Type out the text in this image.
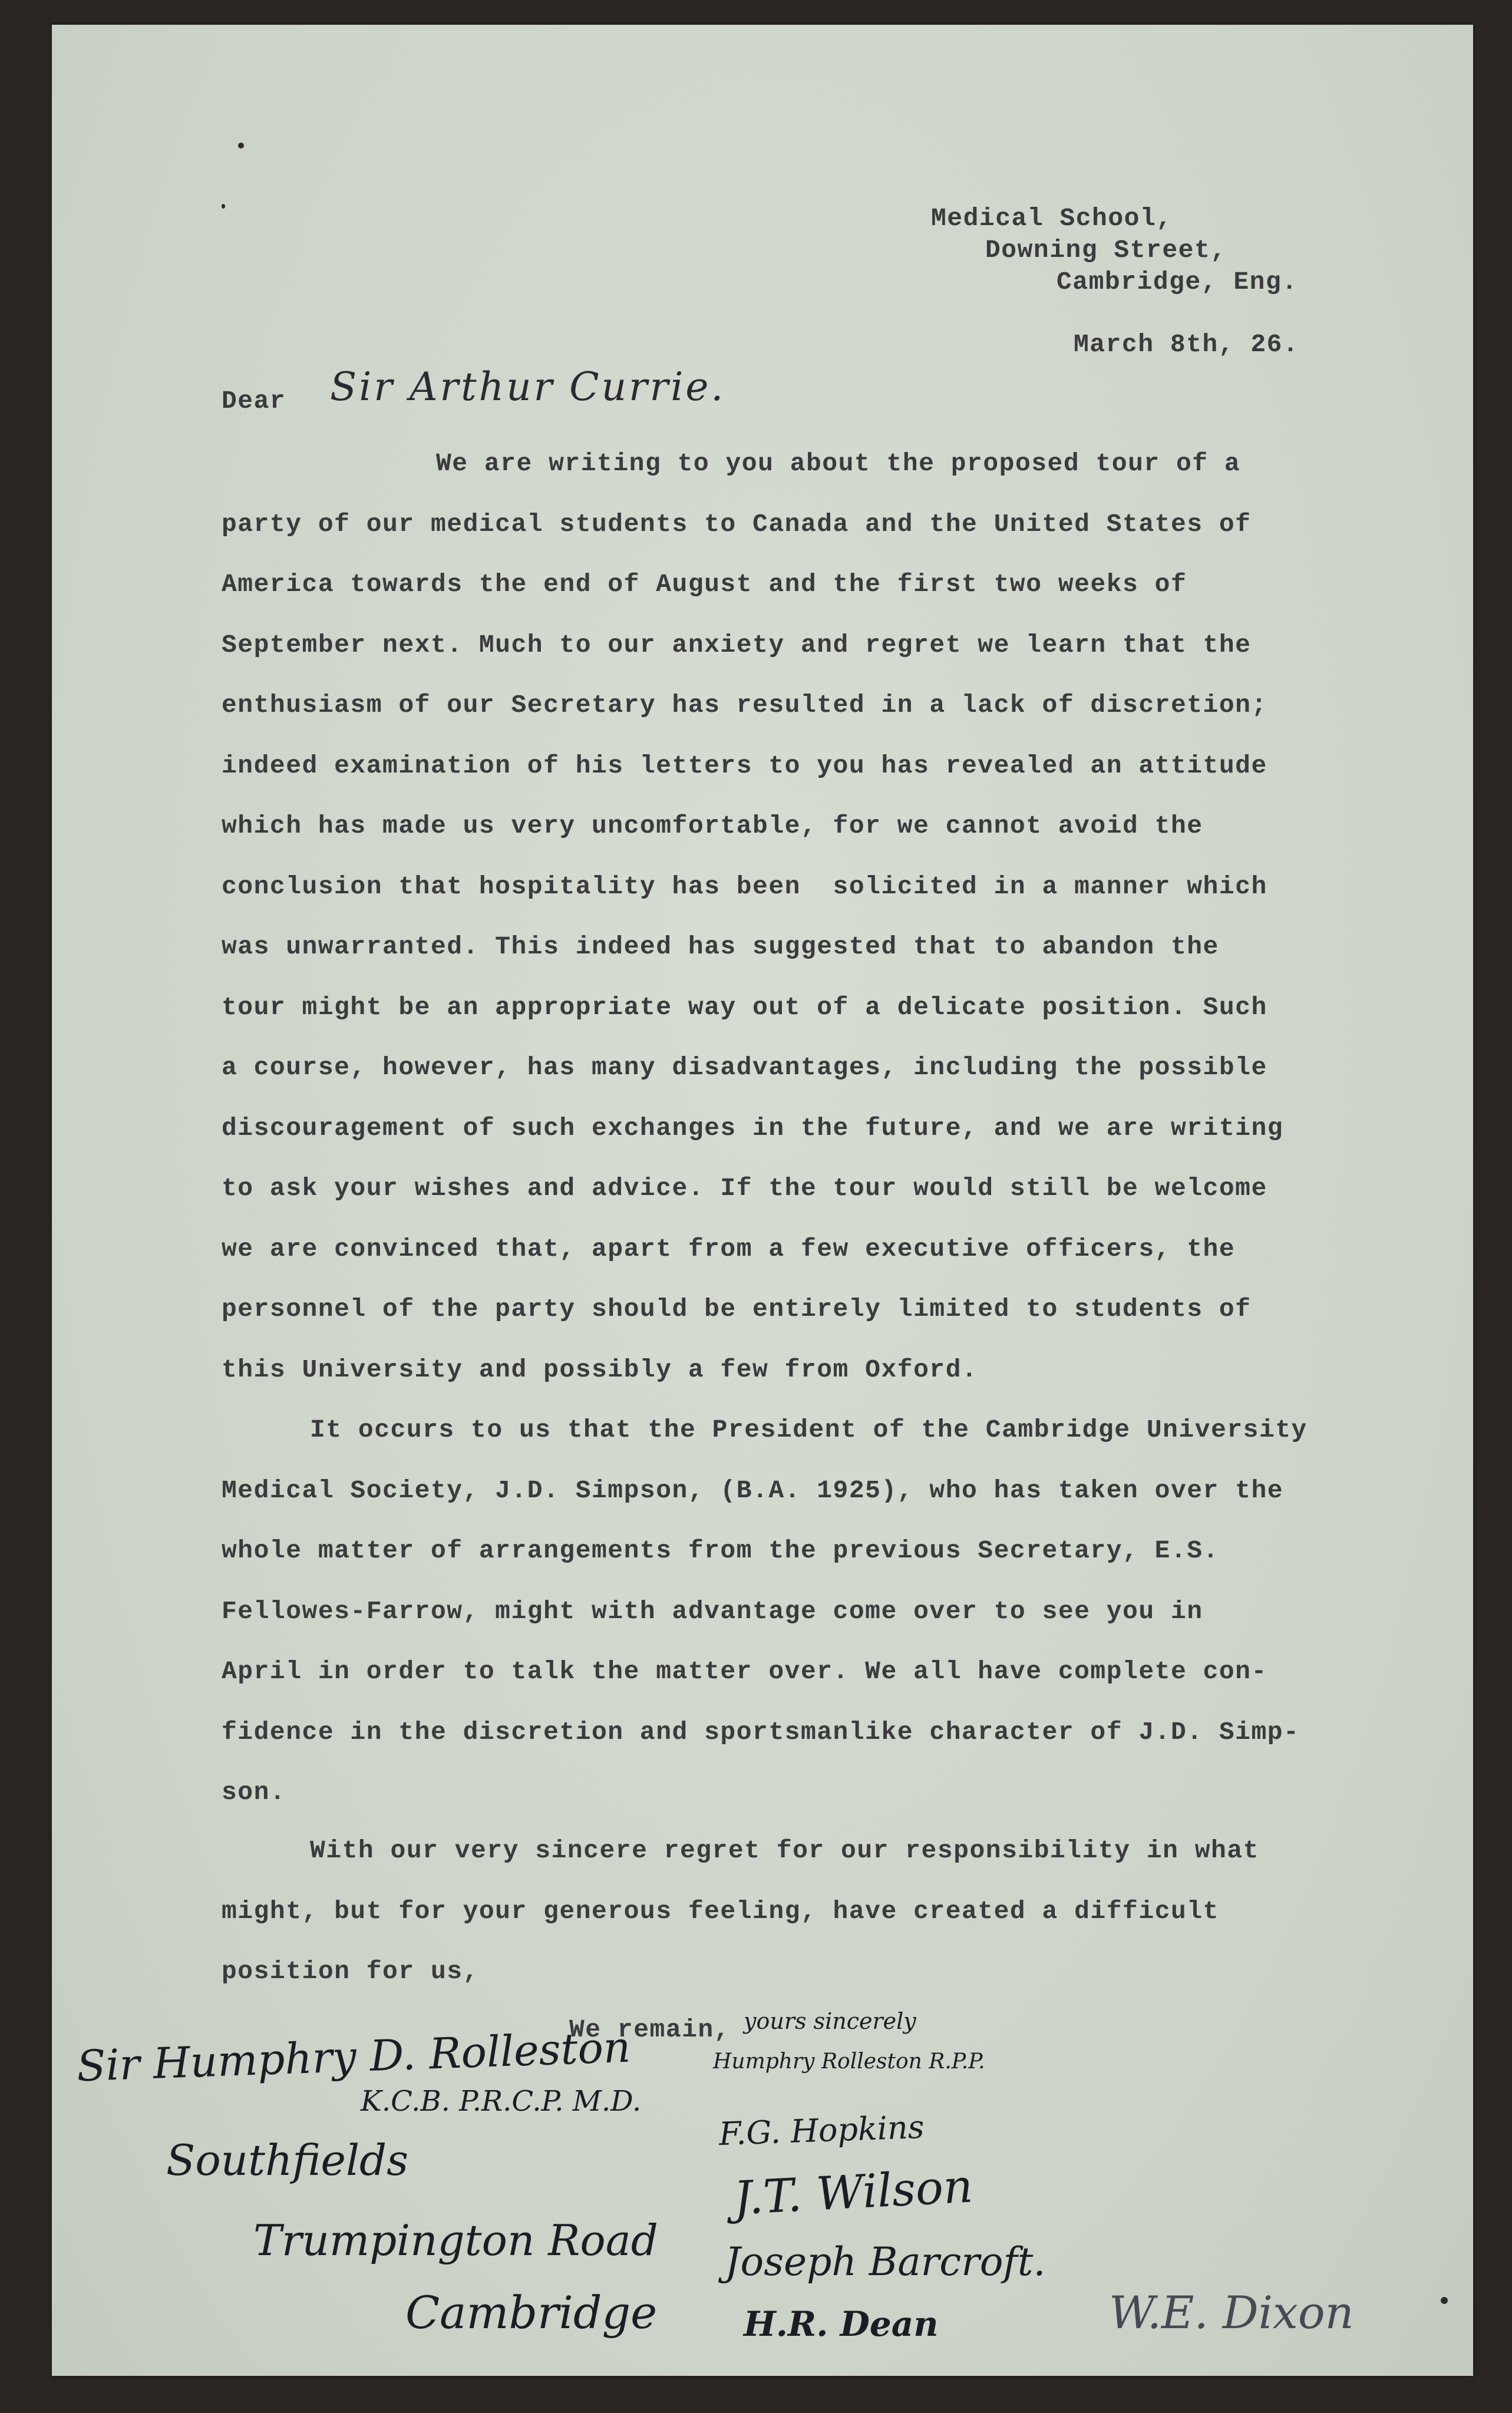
Medical School,
Downing Street,
Cambridge, Eng.
March 8th, 26.
Dear Sir Arthur Currie.
We are writing to you about the proposed tour of a
party of our medical students to Canada and the United States of
America towards the end of August and the first two weeks of
September next. Much to our anxiety and regret we learn that the
enthusiasm of our Secretary has resulted in a lack of discretion;
indeed examination of his letters to you has revealed an attitude
which has made us very uncomfortable, for we cannot avoid the
conclusion that hospitality has been  solicited in a manner which
was unwarranted. This indeed has suggested that to abandon the
tour might be an appropriate way out of a delicate position. Such
a course, however, has many disadvantages, including the possible
discouragement of such exchanges in the future, and we are writing
to ask your wishes and advice. If the tour would still be welcome
we are convinced that, apart from a few executive officers, the
personnel of the party should be entirely limited to students of
this University and possibly a few from Oxford.
It occurs to us that the President of the Cambridge University
Medical Society, J.D. Simpson, (B.A. 1925), who has taken over the
whole matter of arrangements from the previous Secretary, E.S.
Fellowes-Farrow, might with advantage come over to see you in
April in order to talk the matter over. We all have complete con-
fidence in the discretion and sportsmanlike character of J.D. Simp-
son.
With our very sincere regret for our responsibility in what
might, but for your generous feeling, have created a difficult
position for us,
We remain, yours sincerely
Humphry Rolleston R.P.P.
F.G. Hopkins
J.T. Wilson
Joseph Barcroft.
H.R. Dean	W.E. Dixon
Sir Humphry D. Rolleston
K.C.B. P.R.C.P. M.D.
Southfields
Trumpington Road
Cambridge
